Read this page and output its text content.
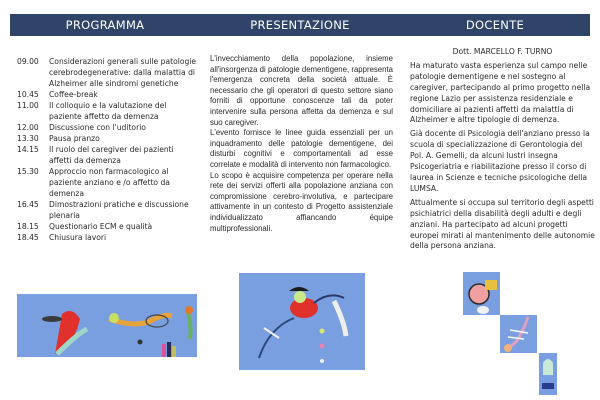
PROGRAMMA	PRESENTAZIONE	DOCENTE
09.00	Considerazioni generali sulle patologie cerebrodegenerative: dalla malattia di Alzheimer alle sindromi genetiche
10.45	Coffee-break
11.00	Il colloquio e la valutazione del paziente affetto da demenza
12.00	Discussione con l'uditorio
13.30	Pausa pranzo
14.15	Il ruolo del caregiver dei pazienti affetti da demenza
15.30	Approccio non farmacologico al paziente anziano e /o affetto da demenza
16.45	Dimostrazioni pratiche e discussione plenaria
18.15	Questionario ECM e qualità
18.45	Chiusura lavori

L'invecchiamento della popolazione, insieme all'insorgenza di patologie dementigene, rappresenta l'emergenza concreta della società attuale. È necessario che gli operatori di questo settore siano forniti di opportune conoscenze tali da poter intervenire sulla persona affetta da demenza e sul suo caregiver.

L'evento fornisce le linee guida essenziali per un inquadramento delle patologie dementigene, dei disturbi cognitivi e comportamentali ad esse correlate e modalità di intervento non farmacologico.

Lo scopo è acquisire competenza per operare nella rete dei servizi offerti alla popolazione anziana con compromissione cerebro-involutiva, e partecipare attivamente in un contesto di Progetto assistenziale individualizzato affiancando équipe multiprofessionali.

Dott. MARCELLO F. TURNO

Ha maturato vasta esperienza sul campo nelle patologie dementigene e nel sostegno al caregiver, partecipando al primo progetto nella regione Lazio per assistenza residenziale e domiciliare ai pazienti affetti da malattia di Alzheimer e altre tipologie di demenza.

Già docente di Psicologia dell'anziano presso la scuola di specializzazione di Gerontologia del Pol. A. Gemelli, da alcuni lustri insegna Psicogeriatria e riabilitazione presso il corso di laurea in Scienze e tecniche psicologiche della LUMSA.

Attualmente si occupa sul territorio degli aspetti psichiatrici della disabilità degli adulti e degli anziani. Ha partecipato ad alcuni progetti europei mirati al mantenimento delle autonomie della persona anziana.
